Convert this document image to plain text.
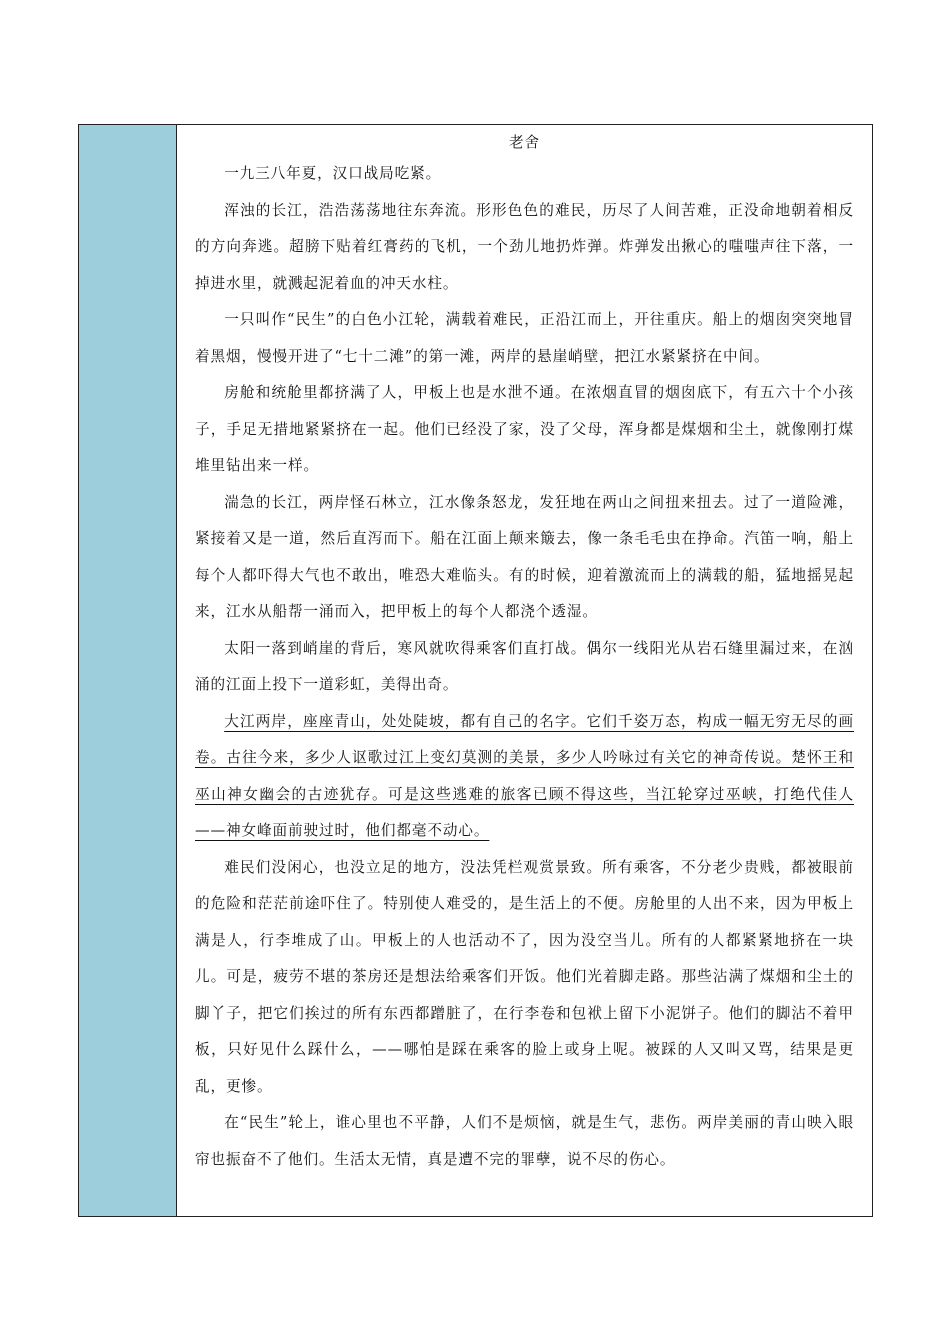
老舍

一九三八年夏，汉口战局吃紧。

浑浊的长江，浩浩荡荡地往东奔流。形形色色的难民，历尽了人间苦难，正没命地朝着相反的方向奔逃。超膀下贴着红膏药的飞机，一个劲儿地扔炸弹。炸弹发出揪心的嗤嗤声往下落，一掉进水里，就溅起泥着血的冲天水柱。

一只叫作“民生”的白色小江轮，满载着难民，正沿江而上，开往重庆。船上的烟囱突突地冒着黑烟，慢慢开进了“七十二滩”的第一滩，两岸的悬崖峭壁，把江水紧紧挤在中间。

房舱和统舱里都挤满了人，甲板上也是水泄不通。在浓烟直冒的烟囱底下，有五六十个小孩子，手足无措地紧紧挤在一起。他们已经没了家，没了父母，浑身都是煤烟和尘土，就像刚打煤堆里钻出来一样。

湍急的长江，两岸怪石林立，江水像条怒龙，发狂地在两山之间扭来扭去。过了一道险滩，紧接着又是一道，然后直泻而下。船在江面上颠来簸去，像一条毛毛虫在挣命。汽笛一响，船上每个人都吓得大气也不敢出，唯恐大难临头。有的时候，迎着激流而上的满载的船，猛地摇晃起来，江水从船帮一涌而入，把甲板上的每个人都浇个透湿。

太阳一落到峭崖的背后，寒风就吹得乘客们直打战。偶尔一线阳光从岩石缝里漏过来，在汹涌的江面上投下一道彩虹，美得出奇。

大江两岸，座座青山，处处陡坡，都有自己的名字。它们千姿万态，构成一幅无穷无尽的画卷。古往今来，多少人讴歌过江上变幻莫测的美景，多少人吟咏过有关它的神奇传说。楚怀王和巫山神女幽会的古迹犹存。可是这些逃难的旅客已顾不得这些，当江轮穿过巫峡，打绝代佳人——神女峰面前驶过时，他们都毫不动心。

难民们没闲心，也没立足的地方，没法凭栏观赏景致。所有乘客，不分老少贵贱，都被眼前的危险和茫茫前途吓住了。特别使人难受的，是生活上的不便。房舱里的人出不来，因为甲板上满是人，行李堆成了山。甲板上的人也活动不了，因为没空当儿。所有的人都紧紧地挤在一块儿。可是，疲劳不堪的茶房还是想法给乘客们开饭。他们光着脚走路。那些沾满了煤烟和尘土的脚丫子，把它们挨过的所有东西都蹭脏了，在行李卷和包袱上留下小泥饼子。他们的脚沾不着甲板，只好见什么踩什么，——哪怕是踩在乘客的脸上或身上呢。被踩的人又叫又骂，结果是更乱，更惨。

在“民生”轮上，谁心里也不平静，人们不是烦恼，就是生气，悲伤。两岸美丽的青山映入眼帘也振奋不了他们。生活太无情，真是遭不完的罪孽，说不尽的伤心。
